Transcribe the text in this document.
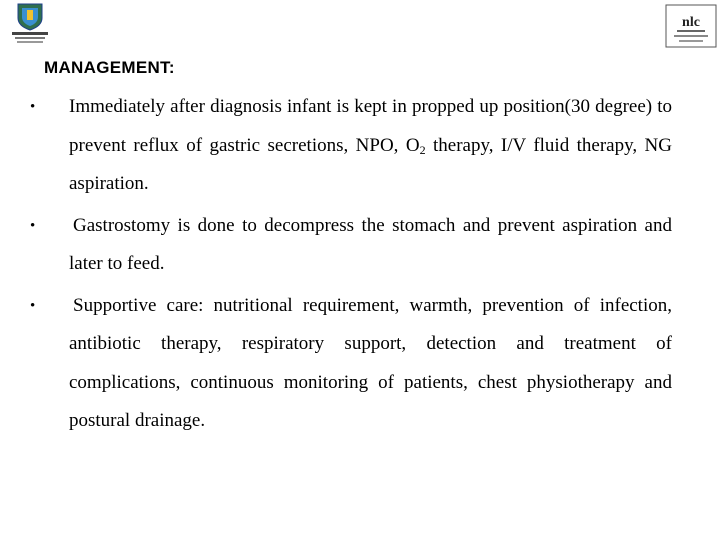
nlc
MANAGEMENT:
• Immediately after diagnosis infant is kept in propped up position(30 degree) to prevent reflux of gastric secretions, NPO, $O_2$ therapy, I/V fluid therapy, NG aspiration.
• Gastrostomy is done to decompress the stomach and prevent aspiration and later to feed.
• Supportive care: nutritional requirement, warmth, prevention of infection, antibiotic therapy, respiratory support, detection and treatment of complications, continuous monitoring of patients, chest physiotherapy and postural drainage.
